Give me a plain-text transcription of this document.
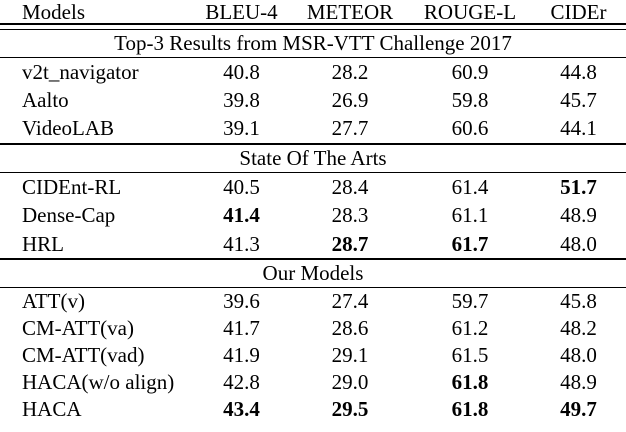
Models	BLEU-4	METEOR	ROUGE-L	CIDEr
Top-3 Results from MSR-VTT Challenge 2017
v2t_navigator	40.8	28.2	60.9	44.8
Aalto	39.8	26.9	59.8	45.7
VideoLAB	39.1	27.7	60.6	44.1
State Of The Arts
CIDEnt-RL	40.5	28.4	61.4	51.7
Dense-Cap	41.4	28.3	61.1	48.9
HRL	41.3	28.7	61.7	48.0
Our Models
ATT(v)	39.6	27.4	59.7	45.8
CM-ATT(va)	41.7	28.6	61.2	48.2
CM-ATT(vad)	41.9	29.1	61.5	48.0
HACA(w/o align)	42.8	29.0	61.8	48.9
HACA	43.4	29.5	61.8	49.7
